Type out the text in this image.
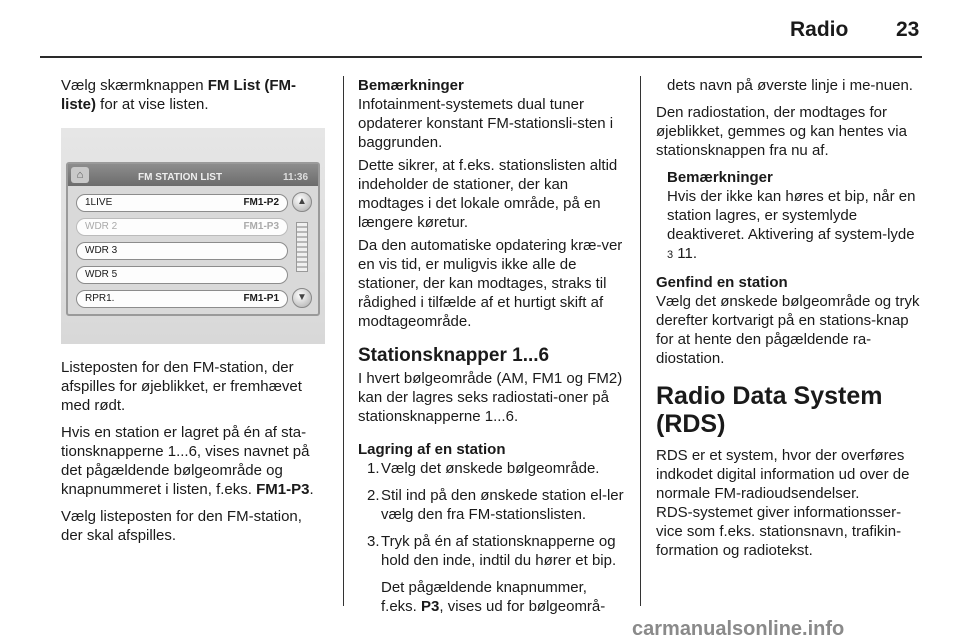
Radio 23

Vælg skærmknappen FM List (FM-liste) for at vise listen.

⌂	FM STATION LIST	11:36
1LIVE	FM1-P2
WDR 2	FM1-P3
WDR 3
WDR 5
RPR1.	FM1-P1
▲
▼

Listeposten for den FM-station, der afspilles for øjeblikket, er fremhævet med rødt.

Hvis en station er lagret på én af sta-tionsknapperne 1...6, vises navnet på det pågældende bølgeområde og knapnummeret i listen, f.eks. FM1-P3.

Vælg listeposten for den FM-station, der skal afspilles.

Bemærkninger

Infotainment-systemets dual tuner opdaterer konstant FM-stationsli-sten i baggrunden.

Dette sikrer, at f.eks. stationslisten altid indeholder de stationer, der kan modtages i det lokale område, på en længere køretur.

Da den automatiske opdatering kræ-ver en vis tid, er muligvis ikke alle de stationer, der kan modtages, straks til rådighed i tilfælde af et hurtigt skift af modtageområde.

Stationsknapper 1...6

I hvert bølgeområde (AM, FM1 og FM2) kan der lagres seks radiostati-oner på stationsknapperne 1...6.

Lagring af en station
1. Vælg det ønskede bølgeområde.
2. Stil ind på den ønskede station el-ler vælg den fra FM-stationslisten.
3. Tryk på én af stationsknapperne og hold den inde, indtil du hører et bip.
Det pågældende knapnummer, f.eks. P3, vises ud for bølgeområ-

dets navn på øverste linje i me-nuen.

Den radiostation, der modtages for øjeblikket, gemmes og kan hentes via stationsknappen fra nu af.

Bemærkninger

Hvis der ikke kan høres et bip, når en station lagres, er systemlyde deaktiveret. Aktivering af system-lyde 3 11.

Genfind en station

Vælg det ønskede bølgeområde og tryk derefter kortvarigt på en stations-knap for at hente den pågældende ra-diostation.

Radio Data System (RDS)

RDS er et system, hvor der overføres indkodet digital information ud over de normale FM-radioudsendelser.

RDS-systemet giver informationsser-vice som f.eks. stationsnavn, trafikin-formation og radiotekst.

carmanualsonline.info
